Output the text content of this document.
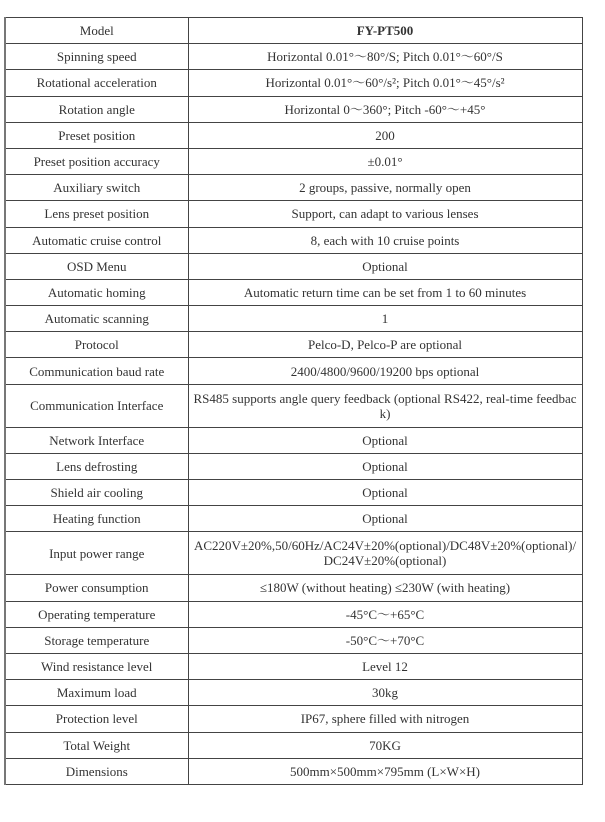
Model	FY-PT500
Spinning speed	Horizontal 0.01°～80°/S; Pitch 0.01°～60°/S
Rotational acceleration	Horizontal 0.01°～60°/s²; Pitch 0.01°～45°/s²
Rotation angle	Horizontal 0～360°; Pitch -60°～+45°
Preset position	200
Preset position accuracy	±0.01°
Auxiliary switch	2 groups, passive, normally open
Lens preset position	Support, can adapt to various lenses
Automatic cruise control	8, each with 10 cruise points
OSD Menu	Optional
Automatic homing	Automatic return time can be set from 1 to 60 minutes
Automatic scanning	1
Protocol	Pelco-D, Pelco-P are optional
Communication baud rate	2400/4800/9600/19200 bps optional
Communication Interface	RS485 supports angle query feedback (optional RS422, real-time feedback)
Network Interface	Optional
Lens defrosting	Optional
Shield air cooling	Optional
Heating function	Optional
Input power range	AC220V±20%,50/60Hz/AC24V±20%(optional)/DC48V±20%(optional)/DC24V±20%(optional)
Power consumption	≤180W (without heating) ≤230W (with heating)
Operating temperature	-45°C～+65°C
Storage temperature	-50°C～+70°C
Wind resistance level	Level 12
Maximum load	30kg
Protection level	IP67, sphere filled with nitrogen
Total Weight	70KG
Dimensions	500mm×500mm×795mm (L×W×H)
